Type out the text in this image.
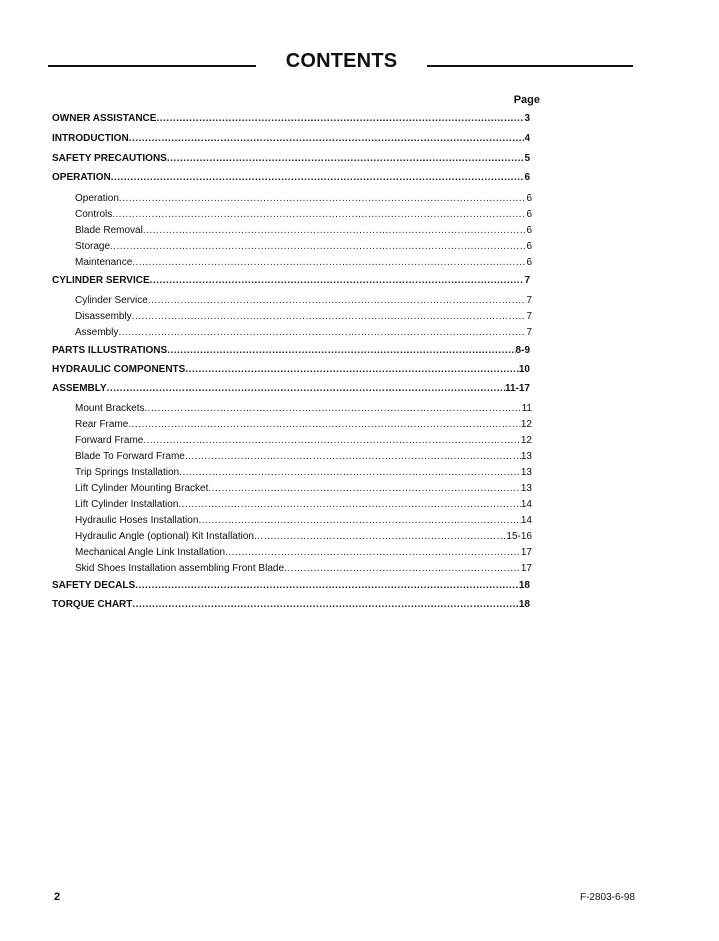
CONTENTS
Page
OWNER ASSISTANCE .....	3
INTRODUCTION .....	4
SAFETY PRECAUTIONS .....	5
OPERATION .....	6
Operation .....	6
Controls .....	6
Blade Removal .....	6
Storage .....	6
Maintenance .....	6
CYLINDER SERVICE .....	7
Cylinder Service .....	7
Disassembly .....	7
Assembly .....	7
PARTS ILLUSTRATIONS .....	8-9
HYDRAULIC COMPONENTS .....	10
ASSEMBLY .....	11-17
Mount Brackets .....	11
Rear Frame .....	12
Forward Frame .....	12
Blade To Forward Frame .....	13
Trip Springs Installation .....	13
Lift Cylinder Mounting Bracket .....	13
Lift Cylinder Installation .....	14
Hydraulic Hoses Installation .....	14
Hydraulic Angle (optional) Kit Installation .....	15-16
Mechanical Angle Link Installation .....	17
Skid Shoes Installation assembling Front Blade .....	17
SAFETY DECALS .....	18
TORQUE CHART .....	18
2	F-2803-6-98
